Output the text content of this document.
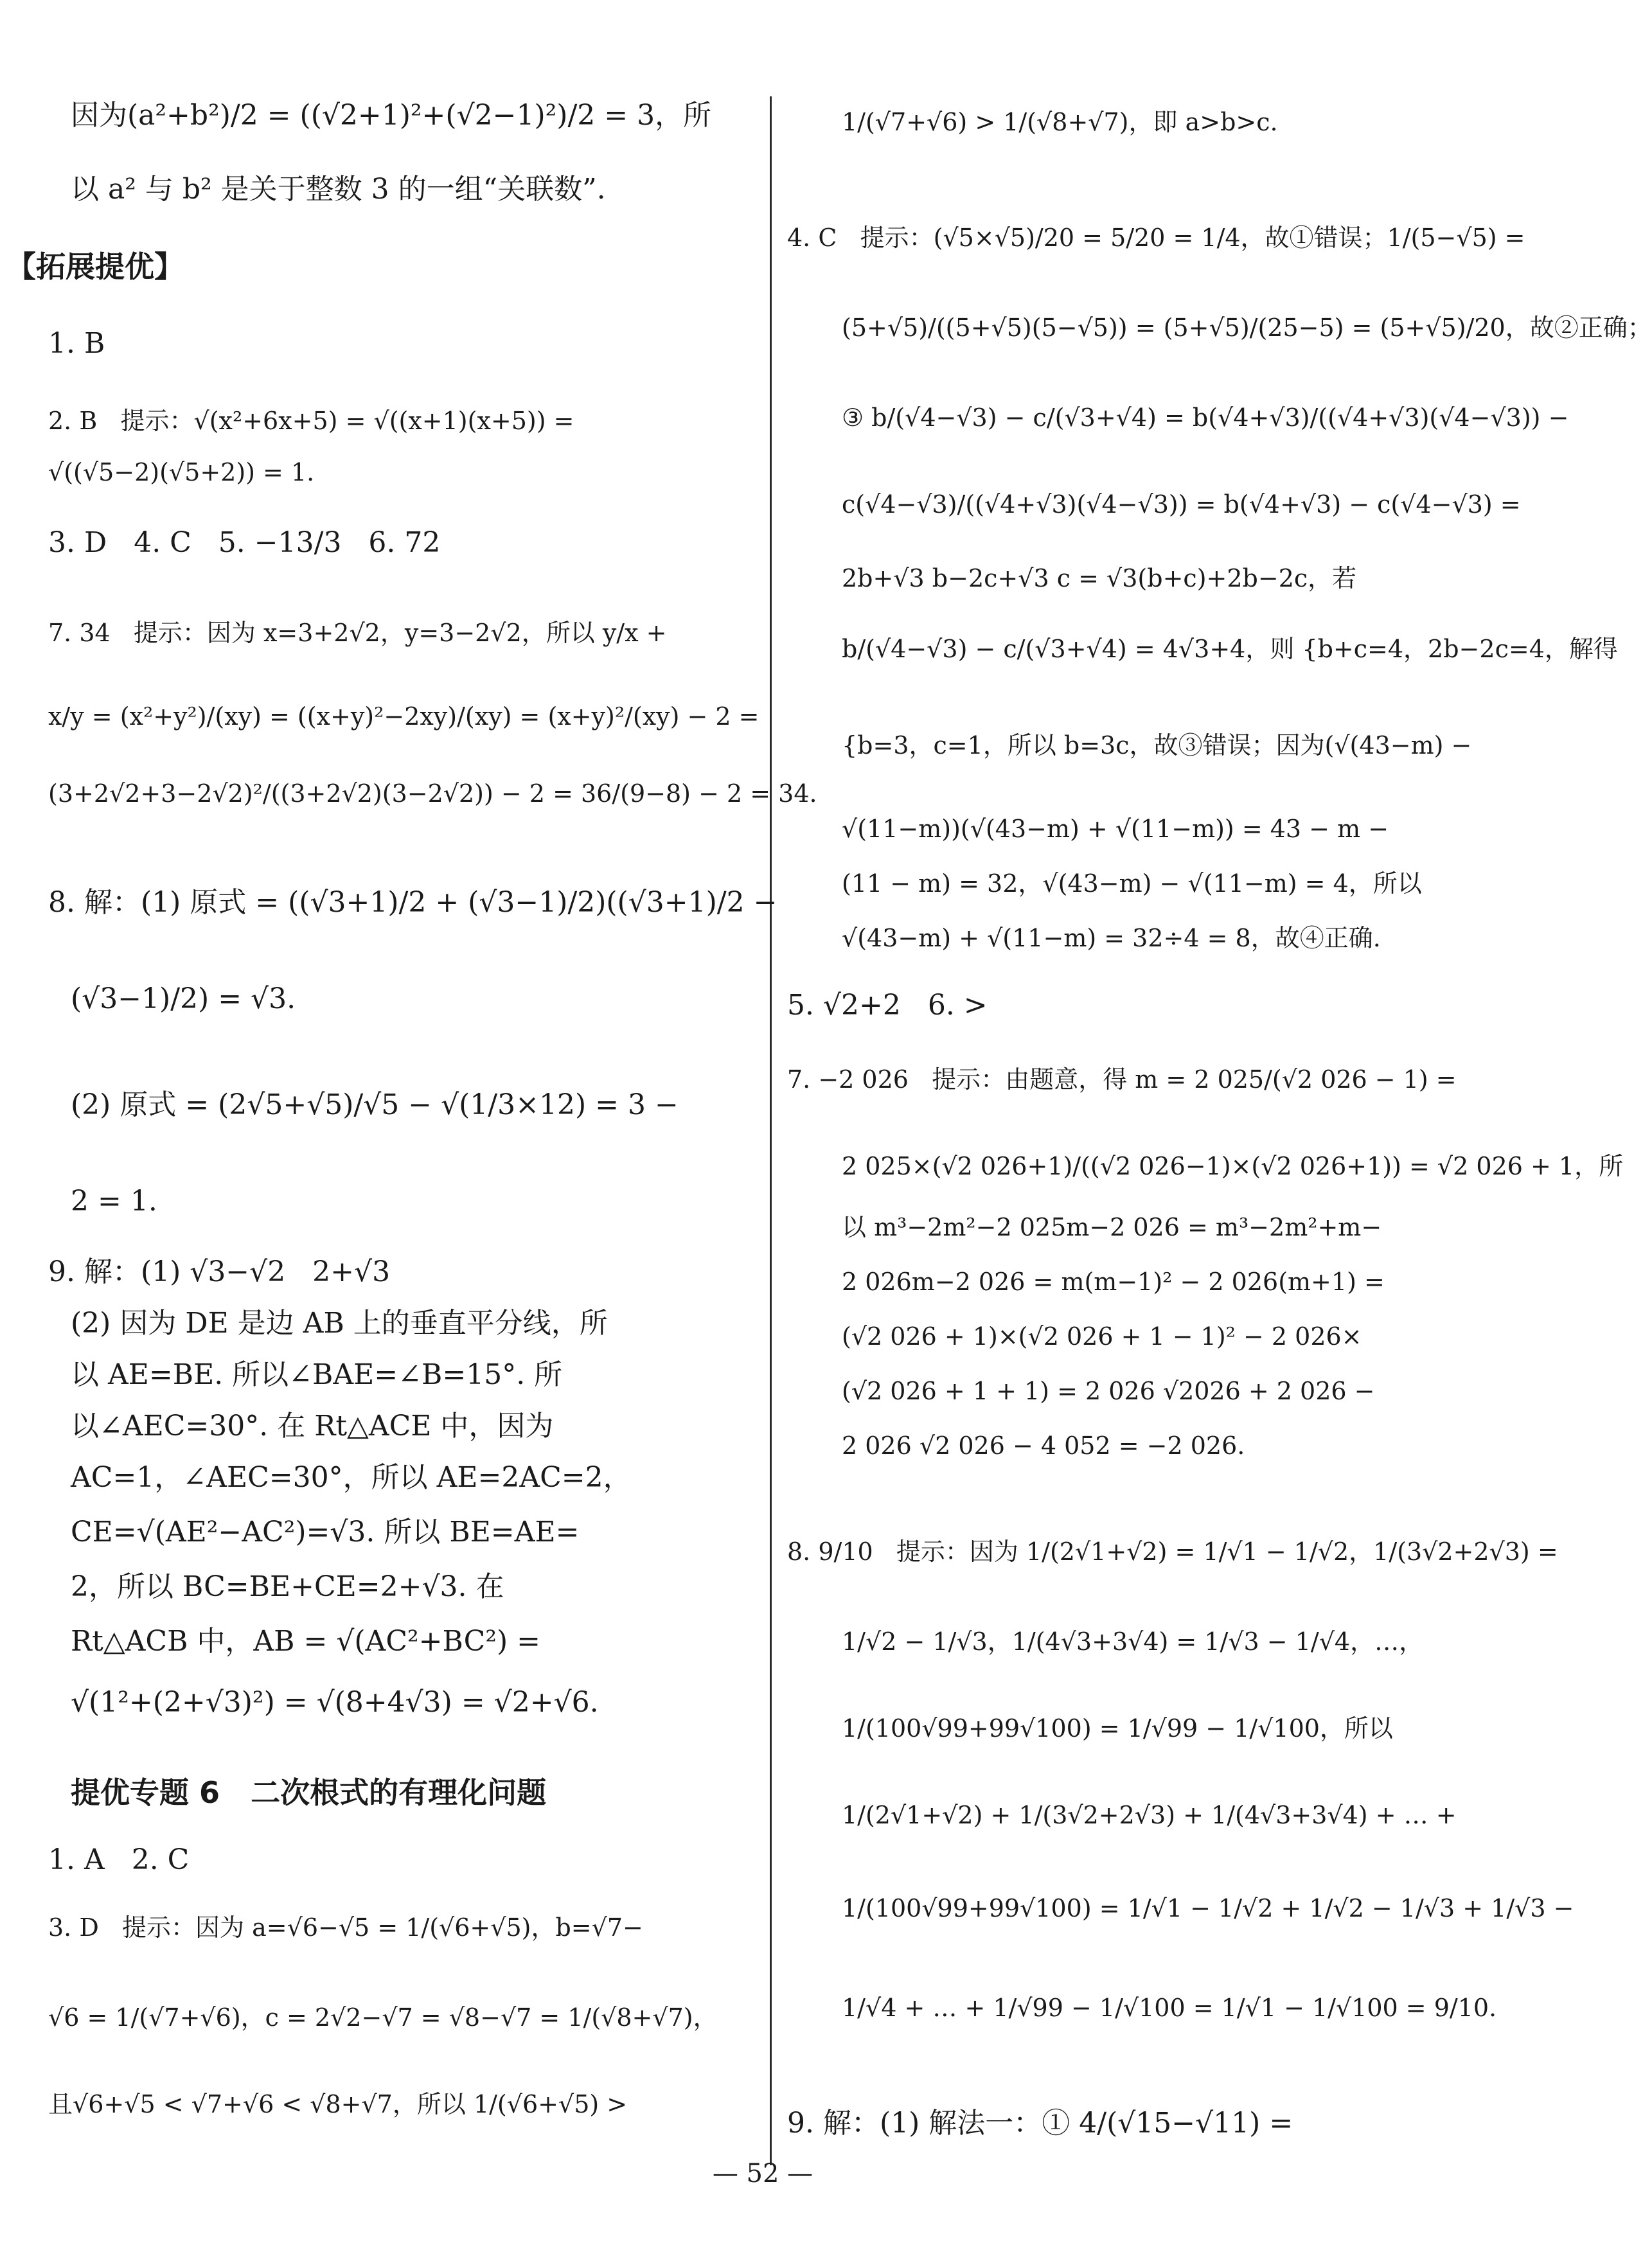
因为(a²+b²)/2 = ((√2+1)²+(√2−1)²)/2 = 3，所
以 a² 与 b² 是关于整数 3 的一组“关联数”.
【拓展提优】
1. B
2. B   提示：√(x²+6x+5) = √((x+1)(x+5)) =
√((√5−2)(√5+2)) = 1.
3. D   4. C   5. −13/3   6. 72
7. 34   提示：因为 x=3+2√2，y=3−2√2，所以 y/x +
x/y = (x²+y²)/(xy) = ((x+y)²−2xy)/(xy) = (x+y)²/(xy) − 2 =
(3+2√2+3−2√2)²/((3+2√2)(3−2√2)) − 2 = 36/(9−8) − 2 = 34.
8. 解：(1) 原式 = ((√3+1)/2 + (√3−1)/2)((√3+1)/2 −
(√3−1)/2) = √3.
(2) 原式 = (2√5+√5)/√5 − √(1/3×12) = 3 −
2 = 1.
9. 解：(1) √3−√2   2+√3
(2) 因为 DE 是边 AB 上的垂直平分线，所
以 AE=BE. 所以∠BAE=∠B=15°. 所
以∠AEC=30°. 在 Rt△ACE 中，因为
AC=1，∠AEC=30°，所以 AE=2AC=2，
CE=√(AE²−AC²)=√3. 所以 BE=AE=
2，所以 BC=BE+CE=2+√3. 在
Rt△ACB 中，AB = √(AC²+BC²) =
√(1²+(2+√3)²) = √(8+4√3) = √2+√6.
提优专题 6   二次根式的有理化问题
1. A   2. C
3. D   提示：因为 a=√6−√5 = 1/(√6+√5)，b=√7−
√6 = 1/(√7+√6)，c = 2√2−√7 = √8−√7 = 1/(√8+√7)，
且√6+√5 < √7+√6 < √8+√7，所以 1/(√6+√5) >
1/(√7+√6) > 1/(√8+√7)，即 a>b>c.
4. C   提示：(√5×√5)/20 = 5/20 = 1/4，故①错误；1/(5−√5) =
(5+√5)/((5+√5)(5−√5)) = (5+√5)/(25−5) = (5+√5)/20，故②正确；
③ b/(√4−√3) − c/(√3+√4) = b(√4+√3)/((√4+√3)(√4−√3)) −
c(√4−√3)/((√4+√3)(√4−√3)) = b(√4+√3) − c(√4−√3) =
2b+√3 b−2c+√3 c = √3(b+c)+2b−2c，若
b/(√4−√3) − c/(√3+√4) = 4√3+4，则 {b+c=4，2b−2c=4，解得
{b=3，c=1，所以 b=3c，故③错误；因为(√(43−m) −
√(11−m))(√(43−m) + √(11−m)) = 43 − m −
(11 − m) = 32，√(43−m) − √(11−m) = 4，所以
√(43−m) + √(11−m) = 32÷4 = 8，故④正确.
5. √2+2   6. >
7. −2 026   提示：由题意，得 m = 2 025/(√2 026 − 1) =
2 025×(√2 026+1)/((√2 026−1)×(√2 026+1)) = √2 026 + 1，所
以 m³−2m²−2 025m−2 026 = m³−2m²+m−
2 026m−2 026 = m(m−1)² − 2 026(m+1) =
(√2 026 + 1)×(√2 026 + 1 − 1)² − 2 026×
(√2 026 + 1 + 1) = 2 026 √2026 + 2 026 −
2 026 √2 026 − 4 052 = −2 026.
8. 9/10   提示：因为 1/(2√1+√2) = 1/√1 − 1/√2，1/(3√2+2√3) =
1/√2 − 1/√3，1/(4√3+3√4) = 1/√3 − 1/√4，…，
1/(100√99+99√100) = 1/√99 − 1/√100，所以
1/(2√1+√2) + 1/(3√2+2√3) + 1/(4√3+3√4) + … +
1/(100√99+99√100) = 1/√1 − 1/√2 + 1/√2 − 1/√3 + 1/√3 −
1/√4 + … + 1/√99 − 1/√100 = 1/√1 − 1/√100 = 9/10.
9. 解：(1) 解法一：① 4/(√15−√11) =
— 52 —
